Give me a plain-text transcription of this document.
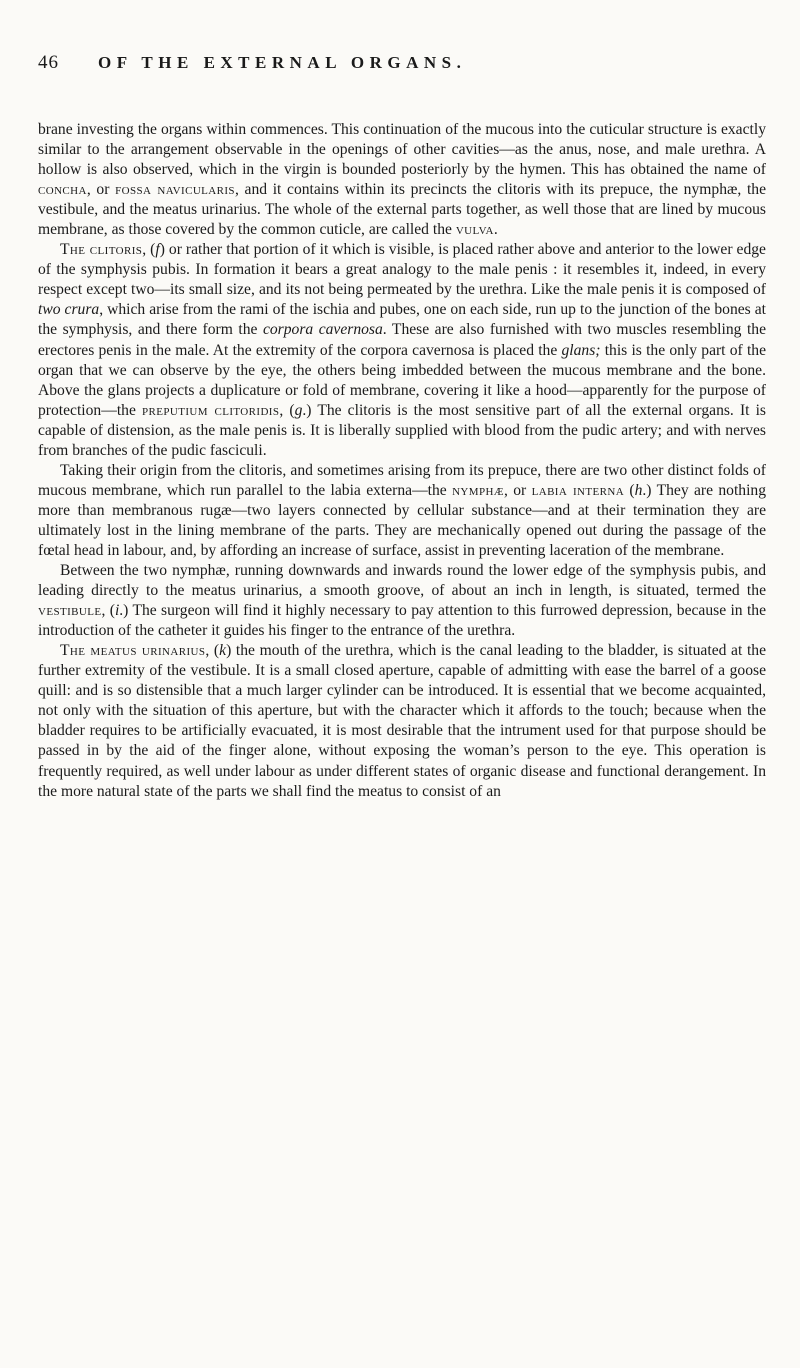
46	OF THE EXTERNAL ORGANS.

brane investing the organs within commences. This continuation of the mucous into the cuticular structure is exactly similar to the arrangement observable in the openings of other cavities—as the anus, nose, and male urethra. A hollow is also observed, which in the virgin is bounded posteriorly by the hymen. This has obtained the name of concha, or fossa navicularis, and it contains within its precincts the clitoris with its prepuce, the nymphæ, the vestibule, and the meatus urinarius. The whole of the external parts together, as well those that are lined by mucous membrane, as those covered by the common cuticle, are called the vulva.

The clitoris, (f) or rather that portion of it which is visible, is placed rather above and anterior to the lower edge of the symphysis pubis. In formation it bears a great analogy to the male penis : it resembles it, indeed, in every respect except two—its small size, and its not being permeated by the urethra. Like the male penis it is composed of two crura, which arise from the rami of the ischia and pubes, one on each side, run up to the junction of the bones at the symphysis, and there form the corpora cavernosa. These are also furnished with two muscles resembling the erectores penis in the male. At the extremity of the corpora cavernosa is placed the glans; this is the only part of the organ that we can observe by the eye, the others being imbedded between the mucous membrane and the bone. Above the glans projects a duplicature or fold of membrane, covering it like a hood—apparently for the purpose of protection—the preputium clitoridis, (g.) The clitoris is the most sensitive part of all the external organs. It is capable of distension, as the male penis is. It is liberally supplied with blood from the pudic artery; and with nerves from branches of the pudic fasciculi.

Taking their origin from the clitoris, and sometimes arising from its prepuce, there are two other distinct folds of mucous membrane, which run parallel to the labia externa—the nymphæ, or labia interna (h.) They are nothing more than membranous rugæ—two layers connected by cellular substance—and at their termination they are ultimately lost in the lining membrane of the parts. They are mechanically opened out during the passage of the fœtal head in labour, and, by affording an increase of surface, assist in preventing laceration of the membrane.

Between the two nymphæ, running downwards and inwards round the lower edge of the symphysis pubis, and leading directly to the meatus urinarius, a smooth groove, of about an inch in length, is situated, termed the vestibule, (i.) The surgeon will find it highly necessary to pay attention to this furrowed depression, because in the introduction of the catheter it guides his finger to the entrance of the urethra.

The meatus urinarius, (k) the mouth of the urethra, which is the canal leading to the bladder, is situated at the further extremity of the vestibule. It is a small closed aperture, capable of admitting with ease the barrel of a goose quill: and is so distensible that a much larger cylinder can be introduced. It is essential that we become acquainted, not only with the situation of this aperture, but with the character which it affords to the touch; because when the bladder requires to be artificially evacuated, it is most desirable that the intrument used for that purpose should be passed in by the aid of the finger alone, without exposing the woman’s person to the eye. This operation is frequently required, as well under labour as under different states of organic disease and functional derangement. In the more natural state of the parts we shall find the meatus to consist of an
